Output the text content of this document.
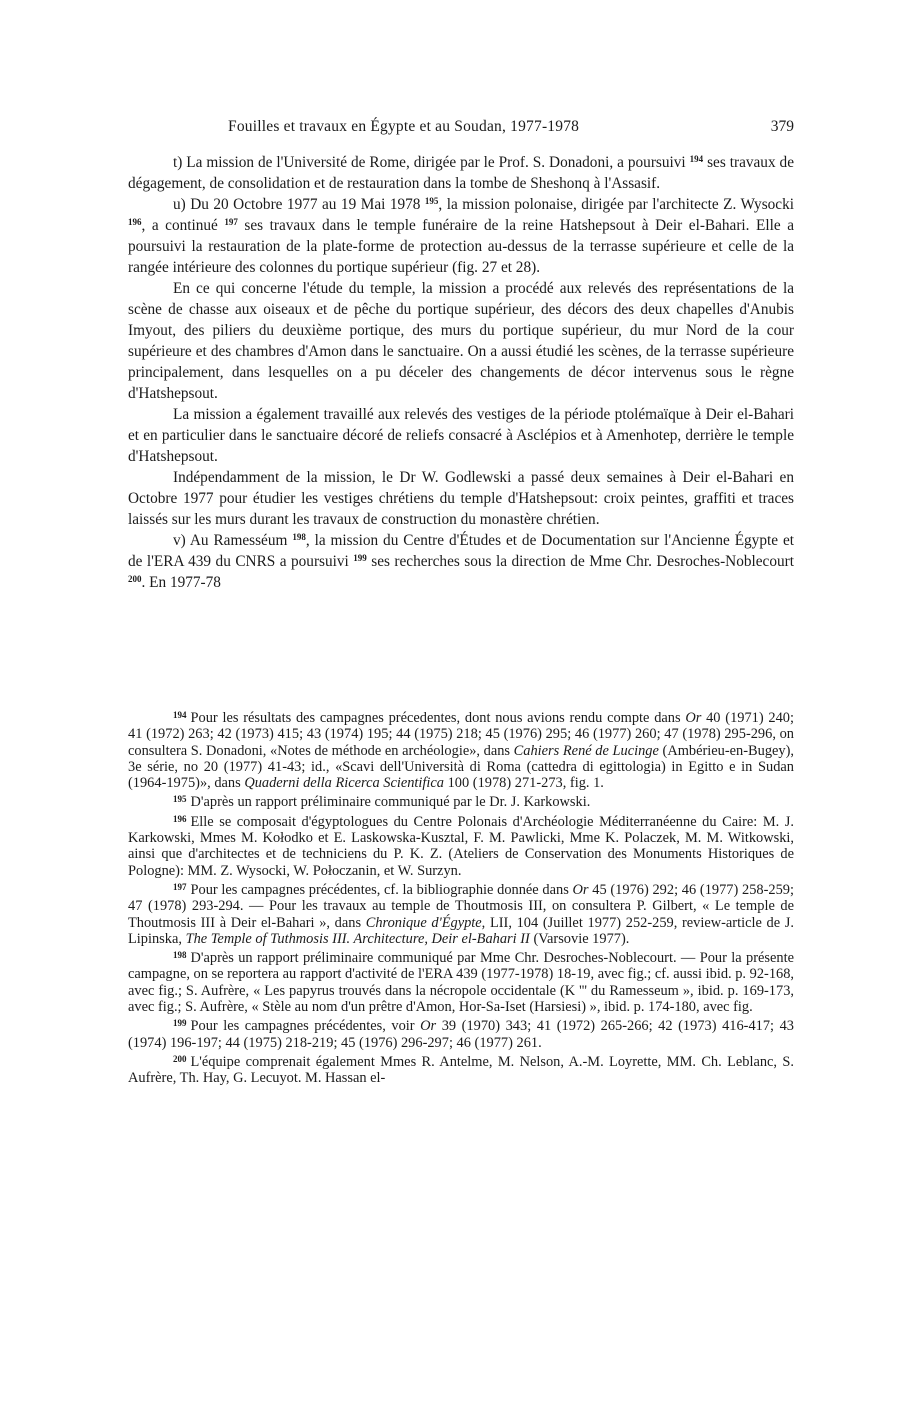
Fouilles et travaux en Égypte et au Soudan, 1977-1978	379

t) La mission de l'Université de Rome, dirigée par le Prof. S. Donadoni, a poursuivi $^{194}$ ses travaux de dégagement, de consolidation et de restauration dans la tombe de Sheshonq à l'Assasif.

u) Du 20 Octobre 1977 au 19 Mai 1978 $^{195}$, la mission polonaise, dirigée par l'architecte Z. Wysocki $^{196}$, a continué $^{197}$ ses travaux dans le temple funéraire de la reine Hatshepsout à Deir el-Bahari. Elle a poursuivi la restauration de la plate-forme de protection au-dessus de la terrasse supérieure et celle de la rangée intérieure des colonnes du portique supérieur (fig. 27 et 28).

En ce qui concerne l'étude du temple, la mission a procédé aux relevés des représentations de la scène de chasse aux oiseaux et de pêche du portique supérieur, des décors des deux chapelles d'Anubis Imyout, des piliers du deuxième portique, des murs du portique supérieur, du mur Nord de la cour supérieure et des chambres d'Amon dans le sanctuaire. On a aussi étudié les scènes, de la terrasse supérieure principalement, dans lesquelles on a pu déceler des changements de décor intervenus sous le règne d'Hatshepsout.

La mission a également travaillé aux relevés des vestiges de la période ptolémaïque à Deir el-Bahari et en particulier dans le sanctuaire décoré de reliefs consacré à Asclépios et à Amenhotep, derrière le temple d'Hatshepsout.

Indépendamment de la mission, le Dr W. Godlewski a passé deux semaines à Deir el-Bahari en Octobre 1977 pour étudier les vestiges chrétiens du temple d'Hatshepsout: croix peintes, graffiti et traces laissés sur les murs durant les travaux de construction du monastère chrétien.

v) Au Ramesséum $^{198}$, la mission du Centre d'Études et de Documentation sur l'Ancienne Égypte et de l'ERA 439 du CNRS a poursuivi $^{199}$ ses recherches sous la direction de Mme Chr. Desroches-Noblecourt $^{200}$. En 1977-78

$^{194}$ Pour les résultats des campagnes précedentes, dont nous avions rendu compte dans Or 40 (1971) 240; 41 (1972) 263; 42 (1973) 415; 43 (1974) 195; 44 (1975) 218; 45 (1976) 295; 46 (1977) 260; 47 (1978) 295-296, on consultera S. Donadoni, «Notes de méthode en archéologie», dans Cahiers René de Lucinge (Ambérieu-en-Bugey), 3e série, no 20 (1977) 41-43; id., «Scavi dell'Università di Roma (cattedra di egittologia) in Egitto e in Sudan (1964-1975)», dans Quaderni della Ricerca Scientifica 100 (1978) 271-273, fig. 1.

$^{195}$ D'après un rapport préliminaire communiqué par le Dr. J. Karkowski.

$^{196}$ Elle se composait d'égyptologues du Centre Polonais d'Archéologie Méditerranéenne du Caire: M. J. Karkowski, Mmes M. Kołodko et E. Laskowska-Kusztal, F. M. Pawlicki, Mme K. Polaczek, M. M. Witkowski, ainsi que d'architectes et de techniciens du P. K. Z. (Ateliers de Conservation des Monuments Historiques de Pologne): MM. Z. Wysocki, W. Połoczanin, et W. Surzyn.

$^{197}$ Pour les campagnes précédentes, cf. la bibliographie donnée dans Or 45 (1976) 292; 46 (1977) 258-259; 47 (1978) 293-294. — Pour les travaux au temple de Thoutmosis III, on consultera P. Gilbert, « Le temple de Thoutmosis III à Deir el-Bahari », dans Chronique d'Égypte, LII, 104 (Juillet 1977) 252-259, review-article de J. Lipinska, The Temple of Tuthmosis III. Architecture, Deir el-Bahari II (Varsovie 1977).

$^{198}$ D'après un rapport préliminaire communiqué par Mme Chr. Desroches-Noblecourt. — Pour la présente campagne, on se reportera au rapport d'activité de l'ERA 439 (1977-1978) 18-19, avec fig.; cf. aussi ibid. p. 92-168, avec fig.; S. Aufrère, « Les papyrus trouvés dans la nécropole occidentale (K ''' du Ramesseum », ibid. p. 169-173, avec fig.; S. Aufrère, « Stèle au nom d'un prêtre d'Amon, Hor-Sa-Iset (Harsiesi) », ibid. p. 174-180, avec fig.

$^{199}$ Pour les campagnes précédentes, voir Or 39 (1970) 343; 41 (1972) 265-266; 42 (1973) 416-417; 43 (1974) 196-197; 44 (1975) 218-219; 45 (1976) 296-297; 46 (1977) 261.

$^{200}$ L'équipe comprenait également Mmes R. Antelme, M. Nelson, A.-M. Loyrette, MM. Ch. Leblanc, S. Aufrère, Th. Hay, G. Lecuyot. M. Hassan el-
